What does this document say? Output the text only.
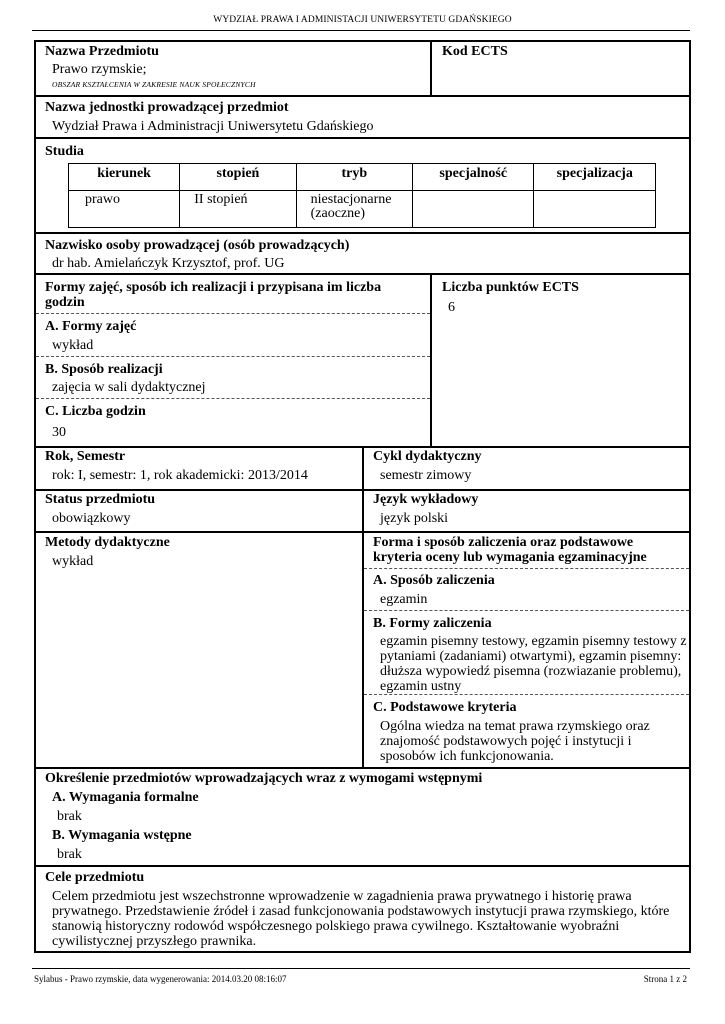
WYDZIAŁ PRAWA I ADMINISTACJI UNIWERSYTETU GDAŃSKIEGO
Nazwa Przedmiotu
Prawo rzymskie;
OBSZAR KSZTAŁCENIA W ZAKRESIE NAUK SPOŁECZNYCH
Kod ECTS
Nazwa jednostki prowadzącej przedmiot
Wydział Prawa i Administracji Uniwersytetu Gdańskiego
Studia
kierunek	stopień	tryb	specjalność	specjalizacja
prawo	II stopień	niestacjonarne (zaoczne)		
Nazwisko osoby prowadzącej (osób prowadzących)
dr hab. Amielańczyk Krzysztof, prof. UG
Formy zajęć, sposób ich realizacji i przypisana im liczba godzin
A. Formy zajęć
wykład
B. Sposób realizacji
zajęcia w sali dydaktycznej
C. Liczba godzin
30
Liczba punktów ECTS
6
Rok, Semestr
rok: I, semestr: 1, rok akademicki: 2013/2014
Cykl dydaktyczny
semestr zimowy
Status przedmiotu
obowiązkowy
Język wykładowy
język polski
Metody dydaktyczne
wykład
Forma i sposób zaliczenia oraz podstawowe kryteria oceny lub wymagania egzaminacyjne
A. Sposób zaliczenia
egzamin
B. Formy zaliczenia
egzamin pisemny testowy, egzamin pisemny testowy z pytaniami (zadaniami) otwartymi), egzamin pisemny: dłuższa wypowiedź pisemna (rozwiazanie problemu), egzamin ustny
C. Podstawowe kryteria
Ogólna wiedza na temat prawa rzymskiego oraz znajomość podstawowych pojęć i instytucji i sposobów ich funkcjonowania.
Określenie przedmiotów wprowadzających wraz z wymogami wstępnymi
A. Wymagania formalne
brak
B. Wymagania wstępne
brak
Cele przedmiotu
Celem przedmiotu jest wszechstronne wprowadzenie w zagadnienia prawa prywatnego i historię prawa prywatnego. Przedstawienie źródeł i zasad funkcjonowania podstawowych instytucji prawa rzymskiego, które stanowią historyczny rodowód współczesnego polskiego prawa cywilnego. Kształtowanie wyobraźni cywilistycznej przyszłego prawnika.
Sylabus - Prawo rzymskie, data wygenerowania: 2014.03.20 08:16:07	Strona 1 z 2
